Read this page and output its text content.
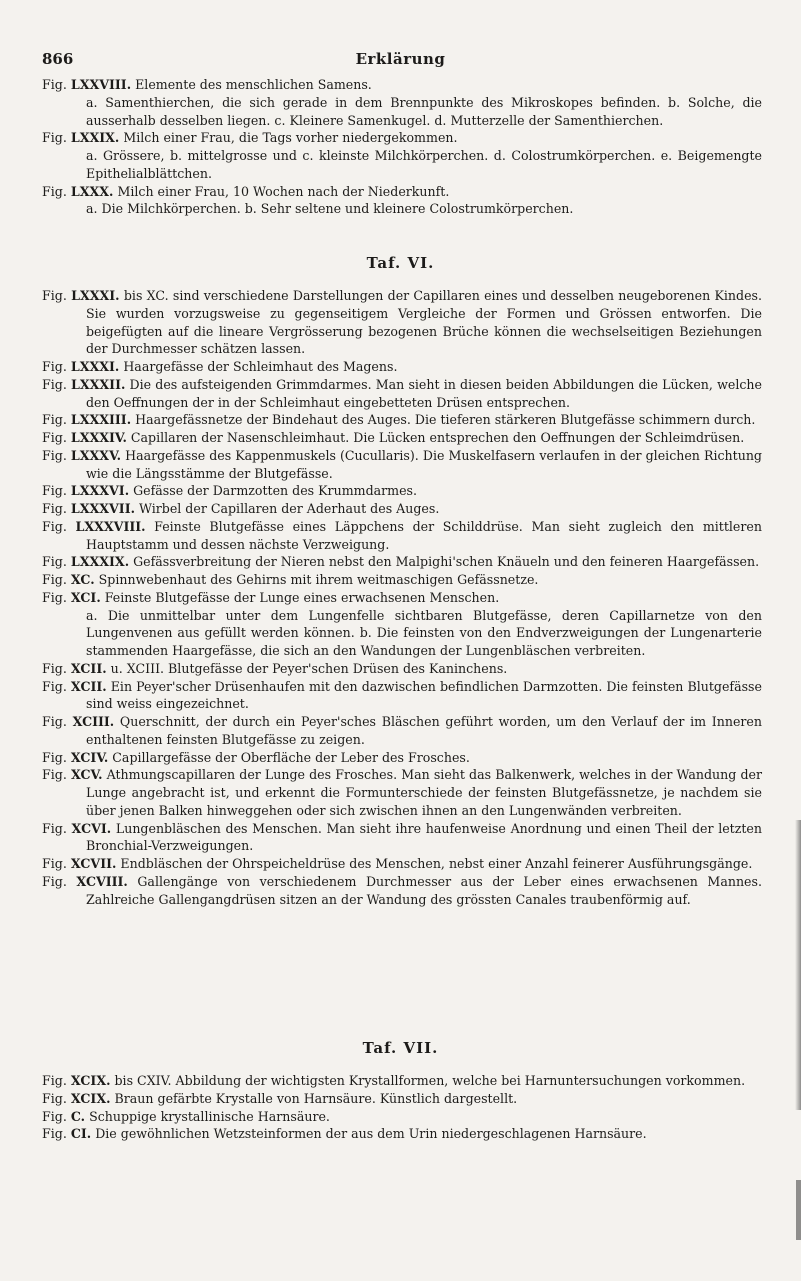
866	Erklärung

Fig. LXXVIII. Elemente des menschlichen Samens.

a. Samenthierchen, die sich gerade in dem Brennpunkte des Mikroskopes befinden. b. Solche, die ausserhalb desselben liegen. c. Kleinere Samenkugel. d. Mutterzelle der Samenthierchen.

Fig. LXXIX. Milch einer Frau, die Tags vorher niedergekommen.

a. Grössere, b. mittelgrosse und c. kleinste Milchkörperchen. d. Colostrumkörperchen. e. Beigemengte Epithelialblättchen.

Fig. LXXX. Milch einer Frau, 10 Wochen nach der Niederkunft.

a. Die Milchkörperchen. b. Sehr seltene und kleinere Colostrumkörperchen.

Taf. VI.

Fig. LXXXI. bis XC. sind verschiedene Darstellungen der Capillaren eines und desselben neugeborenen Kindes. Sie wurden vorzugsweise zu gegenseitigem Vergleiche der Formen und Grössen entworfen. Die beigefügten auf die lineare Vergrösserung bezogenen Brüche können die wechselseitigen Beziehungen der Durchmesser schätzen lassen.

Fig. LXXXI. Haargefässe der Schleimhaut des Magens.

Fig. LXXXII. Die des aufsteigenden Grimmdarmes. Man sieht in diesen beiden Abbildungen die Lücken, welche den Oeffnungen der in der Schleimhaut eingebetteten Drüsen entsprechen.

Fig. LXXXIII. Haargefässnetze der Bindehaut des Auges. Die tieferen stärkeren Blutgefässe schimmern durch.

Fig. LXXXIV. Capillaren der Nasenschleimhaut. Die Lücken entsprechen den Oeffnungen der Schleimdrüsen.

Fig. LXXXV. Haargefässe des Kappenmuskels (Cucullaris). Die Muskelfasern verlaufen in der gleichen Richtung wie die Längsstämme der Blutgefässe.

Fig. LXXXVI. Gefässe der Darmzotten des Krummdarmes.

Fig. LXXXVII. Wirbel der Capillaren der Aderhaut des Auges.

Fig. LXXXVIII. Feinste Blutgefässe eines Läppchens der Schilddrüse. Man sieht zugleich den mittleren Hauptstamm und dessen nächste Verzweigung.

Fig. LXXXIX. Gefässverbreitung der Nieren nebst den Malpighi'schen Knäueln und den feineren Haargefässen.

Fig. XC. Spinnwebenhaut des Gehirns mit ihrem weitmaschigen Gefässnetze.

Fig. XCI. Feinste Blutgefässe der Lunge eines erwachsenen Menschen.

a. Die unmittelbar unter dem Lungenfelle sichtbaren Blutgefässe, deren Capillarnetze von den Lungenvenen aus gefüllt werden können. b. Die feinsten von den Endverzweigungen der Lungenarterie stammenden Haargefässe, die sich an den Wandungen der Lungenbläschen verbreiten.

Fig. XCII. u. XCIII. Blutgefässe der Peyer'schen Drüsen des Kaninchens.

Fig. XCII. Ein Peyer'scher Drüsenhaufen mit den dazwischen befindlichen Darmzotten. Die feinsten Blutgefässe sind weiss eingezeichnet.

Fig. XCIII. Querschnitt, der durch ein Peyer'sches Bläschen geführt worden, um den Verlauf der im Inneren enthaltenen feinsten Blutgefässe zu zeigen.

Fig. XCIV. Capillargefässe der Oberfläche der Leber des Frosches.

Fig. XCV. Athmungscapillaren der Lunge des Frosches. Man sieht das Balkenwerk, welches in der Wandung der Lunge angebracht ist, und erkennt die Formunterschiede der feinsten Blutgefässnetze, je nachdem sie über jenen Balken hinweggehen oder sich zwischen ihnen an den Lungenwänden verbreiten.

Fig. XCVI. Lungenbläschen des Menschen. Man sieht ihre haufenweise Anordnung und einen Theil der letzten Bronchial-Verzweigungen.

Fig. XCVII. Endbläschen der Ohrspeicheldrüse des Menschen, nebst einer Anzahl feinerer Ausführungsgänge.

Fig. XCVIII. Gallengänge von verschiedenem Durchmesser aus der Leber eines erwachsenen Mannes. Zahlreiche Gallengangdrüsen sitzen an der Wandung des grössten Canales traubenförmig auf.

Taf. VII.

Fig. XCIX. bis CXIV. Abbildung der wichtigsten Krystallformen, welche bei Harnuntersuchungen vorkommen.

Fig. XCIX. Braun gefärbte Krystalle von Harnsäure. Künstlich dargestellt.

Fig. C. Schuppige krystallinische Harnsäure.

Fig. CI. Die gewöhnlichen Wetzsteinformen der aus dem Urin niedergeschlagenen Harnsäure.
